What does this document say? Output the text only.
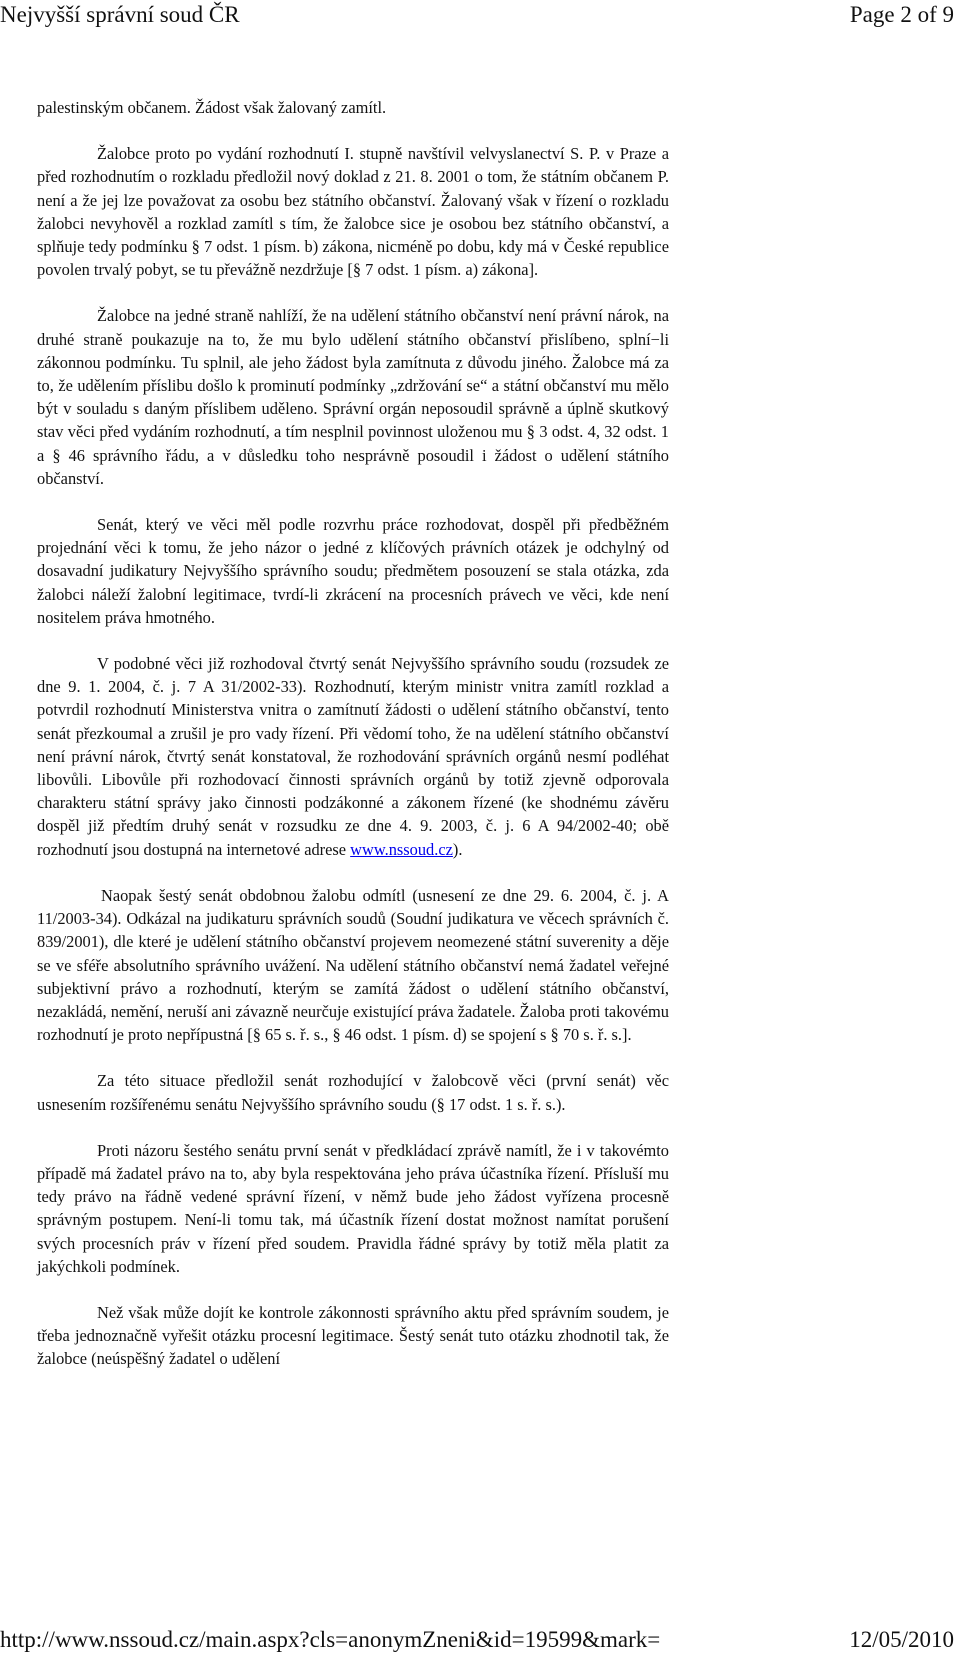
Nejvyšší správní soud ČR	Page 2 of 9

palestinským občanem. Žádost však žalovaný zamítl.

Žalobce proto po vydání rozhodnutí I. stupně navštívil velvyslanectví S. P. v Praze a před rozhodnutím o rozkladu předložil nový doklad z 21. 8. 2001 o tom, že státním občanem P. není a že jej lze považovat za osobu bez státního občanství. Žalovaný však v řízení o rozkladu žalobci nevyhověl a rozklad zamítl s tím, že žalobce sice je osobou bez státního občanství, a splňuje tedy podmínku § 7 odst. 1 písm. b) zákona, nicméně po dobu, kdy má v České republice povolen trvalý pobyt, se tu převážně nezdržuje [§ 7 odst. 1 písm. a) zákona].

Žalobce na jedné straně nahlíží, že na udělení státního občanství není právní nárok, na druhé straně poukazuje na to, že mu bylo udělení státního občanství přislíbeno, splní−li zákonnou podmínku. Tu splnil, ale jeho žádost byla zamítnuta z důvodu jiného. Žalobce má za to, že udělením příslibu došlo k prominutí podmínky „zdržování se“ a státní občanství mu mělo být v souladu s daným příslibem uděleno. Správní orgán neposoudil správně a úplně skutkový stav věci před vydáním rozhodnutí, a tím nesplnil povinnost uloženou mu § 3 odst. 4, 32 odst. 1 a § 46 správního řádu, a v důsledku toho nesprávně posoudil i žádost o udělení státního občanství.

Senát, který ve věci měl podle rozvrhu práce rozhodovat, dospěl při předběžném projednání věci k tomu, že jeho názor o jedné z klíčových právních otázek je odchylný od dosavadní judikatury Nejvyššího správního soudu; předmětem posouzení se stala otázka, zda žalobci náleží žalobní legitimace, tvrdí-li zkrácení na procesních právech ve věci, kde není nositelem práva hmotného.

V podobné věci již rozhodoval čtvrtý senát Nejvyššího správního soudu (rozsudek ze dne 9. 1. 2004, č. j. 7 A 31/2002-33). Rozhodnutí, kterým ministr vnitra zamítl rozklad a potvrdil rozhodnutí Ministerstva vnitra o zamítnutí žádosti o udělení státního občanství, tento senát přezkoumal a zrušil je pro vady řízení. Při vědomí toho, že na udělení státního občanství není právní nárok, čtvrtý senát konstatoval, že rozhodování správních orgánů nesmí podléhat libovůli. Libovůle při rozhodovací činnosti správních orgánů by totiž zjevně odporovala charakteru státní správy jako činnosti podzákonné a zákonem řízené (ke shodnému závěru dospěl již předtím druhý senát v rozsudku ze dne 4. 9. 2003, č. j. 6 A 94/2002-40; obě rozhodnutí jsou dostupná na internetové adrese www.nssoud.cz).

Naopak šestý senát obdobnou žalobu odmítl (usnesení ze dne 29. 6. 2004, č. j. A 11/2003-34). Odkázal na judikaturu správních soudů (Soudní judikatura ve věcech správních č. 839/2001), dle které je udělení státního občanství projevem neomezené státní suverenity a děje se ve sféře absolutního správního uvážení. Na udělení státního občanství nemá žadatel veřejné subjektivní právo a rozhodnutí, kterým se zamítá žádost o udělení státního občanství, nezakládá, nemění, neruší ani závazně neurčuje existující práva žadatele. Žaloba proti takovému rozhodnutí je proto nepřípustná [§ 65 s. ř. s., § 46 odst. 1 písm. d) se spojení s § 70 s. ř. s.].

Za této situace předložil senát rozhodující v žalobcově věci (první senát) věc usnesením rozšířenému senátu Nejvyššího správního soudu (§ 17 odst. 1 s. ř. s.).

Proti názoru šestého senátu první senát v předkládací zprávě namítl, že i v takovémto případě má žadatel právo na to, aby byla respektována jeho práva účastníka řízení. Přísluší mu tedy právo na řádně vedené správní řízení, v němž bude jeho žádost vyřízena procesně správným postupem. Není-li tomu tak, má účastník řízení dostat možnost namítat porušení svých procesních práv v řízení před soudem. Pravidla řádné správy by totiž měla platit za jakýchkoli podmínek.

Než však může dojít ke kontrole zákonnosti správního aktu před správním soudem, je třeba jednoznačně vyřešit otázku procesní legitimace. Šestý senát tuto otázku zhodnotil tak, že žalobce (neúspěšný žadatel o udělení

http://www.nssoud.cz/main.aspx?cls=anonymZneni&id=19599&mark=	12/05/2010
